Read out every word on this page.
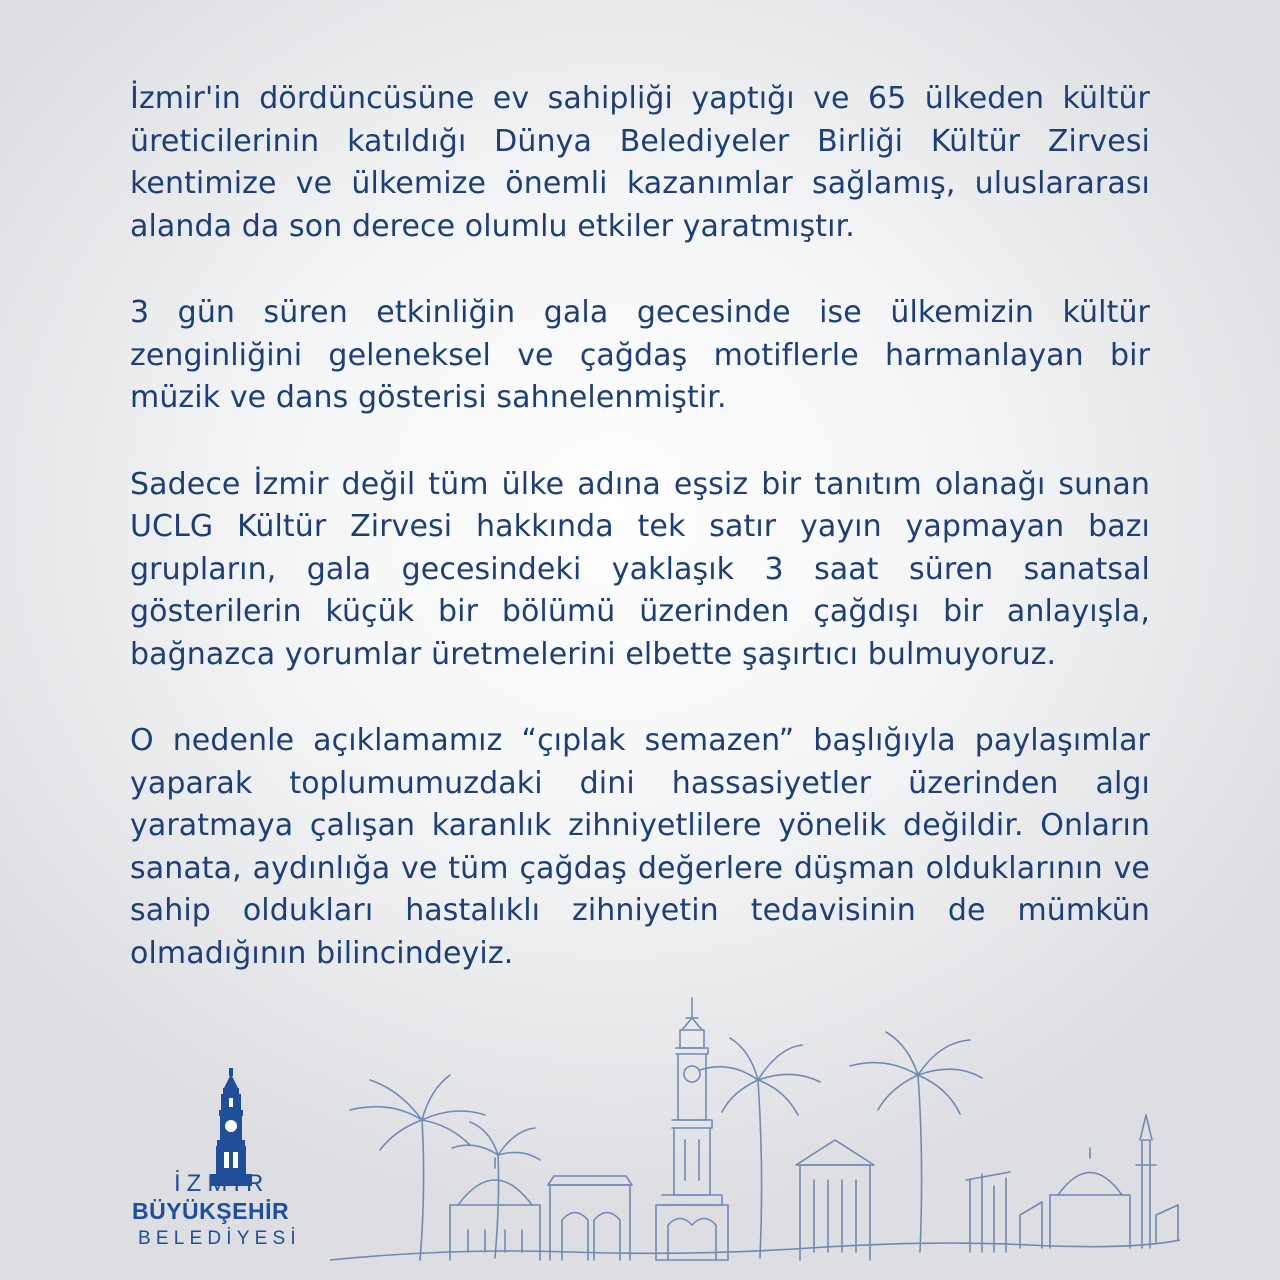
İzmir'in dördüncüsüne ev sahipliği yaptığı ve 65 ülkeden kültür üreticilerinin katıldığı Dünya Belediyeler Birliği Kültür Zirvesi kentimize ve ülkemize önemli kazanımlar sağlamış, uluslararası alanda da son derece olumlu etkiler yaratmıştır.

3 gün süren etkinliğin gala gecesinde ise ülkemizin kültür zenginliğini geleneksel ve çağdaş motiflerle harmanlayan bir müzik ve dans gösterisi sahnelenmiştir.

Sadece İzmir değil tüm ülke adına eşsiz bir tanıtım olanağı sunan UCLG Kültür Zirvesi hakkında tek satır yayın yapmayan bazı grupların, gala gecesindeki yaklaşık 3 saat süren sanatsal gösterilerin küçük bir bölümü üzerinden çağdışı bir anlayışla, bağnazca yorumlar üretmelerini elbette şaşırtıcı bulmuyoruz.

O nedenle açıklamamız “çıplak semazen” başlığıyla paylaşımlar yaparak toplumumuzdaki dini hassasiyetler üzerinden algı yaratmaya çalışan karanlık zihniyetlilere yönelik değildir. Onların sanata, aydınlığa ve tüm çağdaş değerlere düşman olduklarının ve sahip oldukları hastalıklı zihniyetin tedavisinin de mümkün olmadığının bilincindeyiz.

İZMİR
BÜYÜKŞEHİR
BELEDİYESİ
